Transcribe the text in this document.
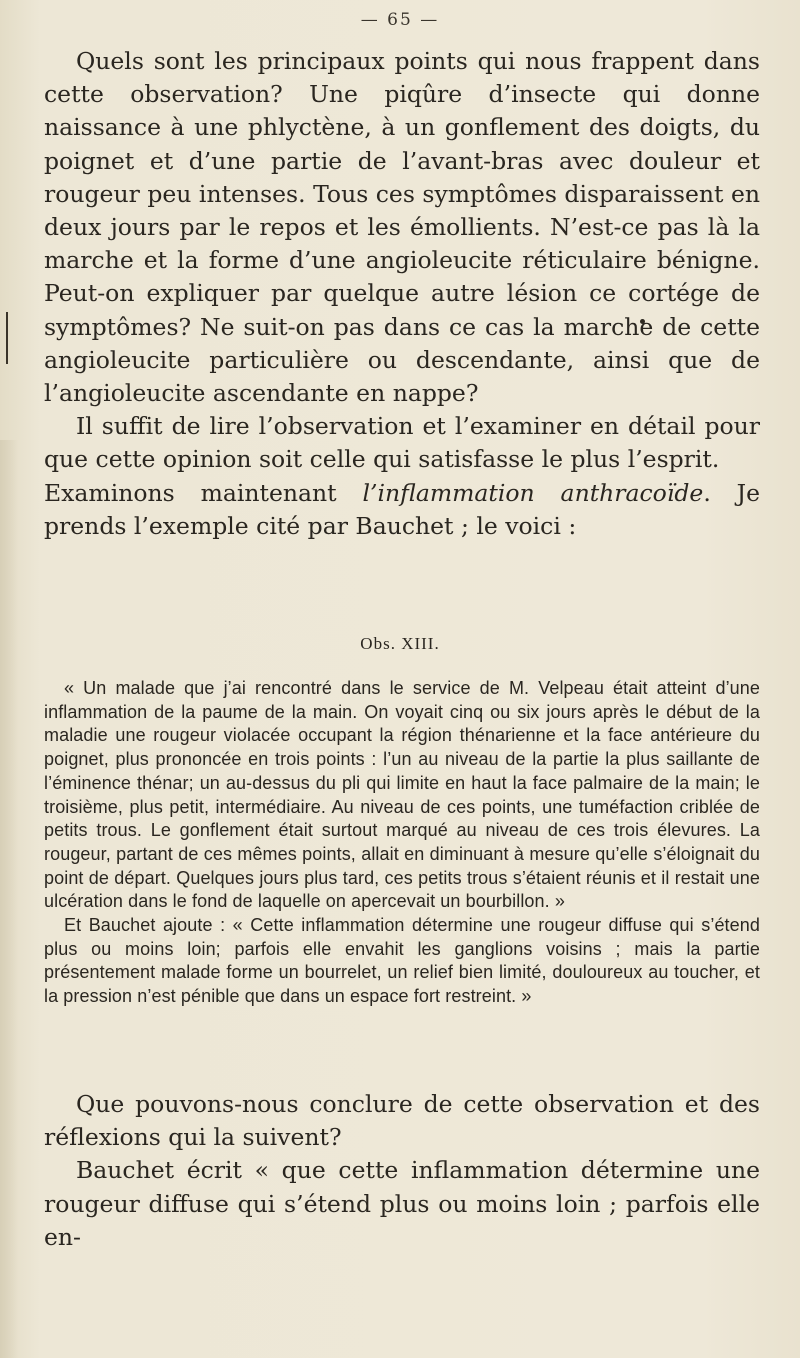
— 65 —

Quels sont les principaux points qui nous frappent dans cette observation? Une piqûre d’insecte qui donne naissance à une phlyctène, à un gonflement des doigts, du poignet et d’une partie de l’avant-bras avec douleur et rougeur peu intenses. Tous ces symptômes disparaissent en deux jours par le repos et les émollients. N’est-ce pas là la marche et la forme d’une angioleucite réticulaire bénigne. Peut-on expliquer par quelque autre lésion ce cortége de symptômes? Ne suit-on pas dans ce cas la marche de cette angioleucite particulière ou descendante, ainsi que de l’angioleucite ascendante en nappe?

Il suffit de lire l’observation et l’examiner en détail pour que cette opinion soit celle qui satisfasse le plus l’esprit.

Examinons maintenant l’inflammation anthracoïde. Je prends l’exemple cité par Bauchet ; le voici :

Obs. XIII.

« Un malade que j’ai rencontré dans le service de M. Velpeau était atteint d’une inflammation de la paume de la main. On voyait cinq ou six jours après le début de la maladie une rougeur violacée occupant la région thénarienne et la face antérieure du poignet, plus prononcée en trois points : l’un au niveau de la partie la plus saillante de l’éminence thénar; un au-dessus du pli qui limite en haut la face palmaire de la main; le troisième, plus petit, intermédiaire. Au niveau de ces points, une tuméfaction criblée de petits trous. Le gonflement était surtout marqué au niveau de ces trois élevures. La rougeur, partant de ces mêmes points, allait en diminuant à mesure qu’elle s’éloignait du point de départ. Quelques jours plus tard, ces petits trous s’étaient réunis et il restait une ulcération dans le fond de laquelle on apercevait un bourbillon. »

Et Bauchet ajoute : « Cette inflammation détermine une rougeur diffuse qui s’étend plus ou moins loin; parfois elle envahit les ganglions voisins ; mais la partie présentement malade forme un bourrelet, un relief bien limité, douloureux au toucher, et la pression n’est pénible que dans un espace fort restreint. »

Que pouvons-nous conclure de cette observation et des réflexions qui la suivent?

Bauchet écrit « que cette inflammation détermine une rougeur diffuse qui s’étend plus ou moins loin ; parfois elle en-
